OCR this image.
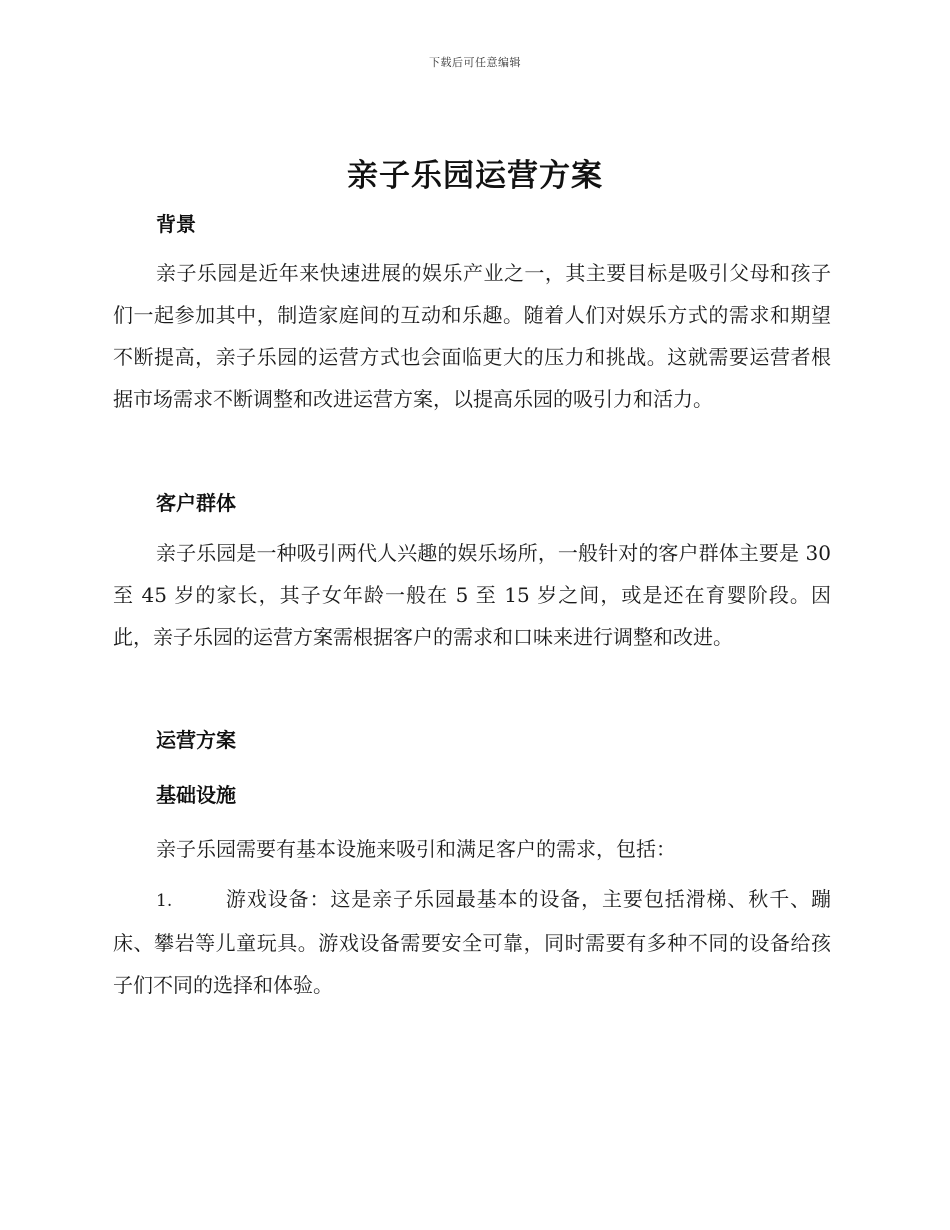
下载后可任意编辑
亲子乐园运营方案
背景
亲子乐园是近年来快速进展的娱乐产业之一，其主要目标是吸引父母和孩子们一起参加其中，制造家庭间的互动和乐趣。随着人们对娱乐方式的需求和期望不断提高，亲子乐园的运营方式也会面临更大的压力和挑战。这就需要运营者根据市场需求不断调整和改进运营方案，以提高乐园的吸引力和活力。
客户群体
亲子乐园是一种吸引两代人兴趣的娱乐场所，一般针对的客户群体主要是 30 至 45 岁的家长，其子女年龄一般在 5 至 15 岁之间，或是还在育婴阶段。因此，亲子乐园的运营方案需根据客户的需求和口味来进行调整和改进。
运营方案
基础设施
亲子乐园需要有基本设施来吸引和满足客户的需求，包括：
1.	游戏设备：这是亲子乐园最基本的设备，主要包括滑梯、秋千、蹦床、攀岩等儿童玩具。游戏设备需要安全可靠，同时需要有多种不同的设备给孩子们不同的选择和体验。
